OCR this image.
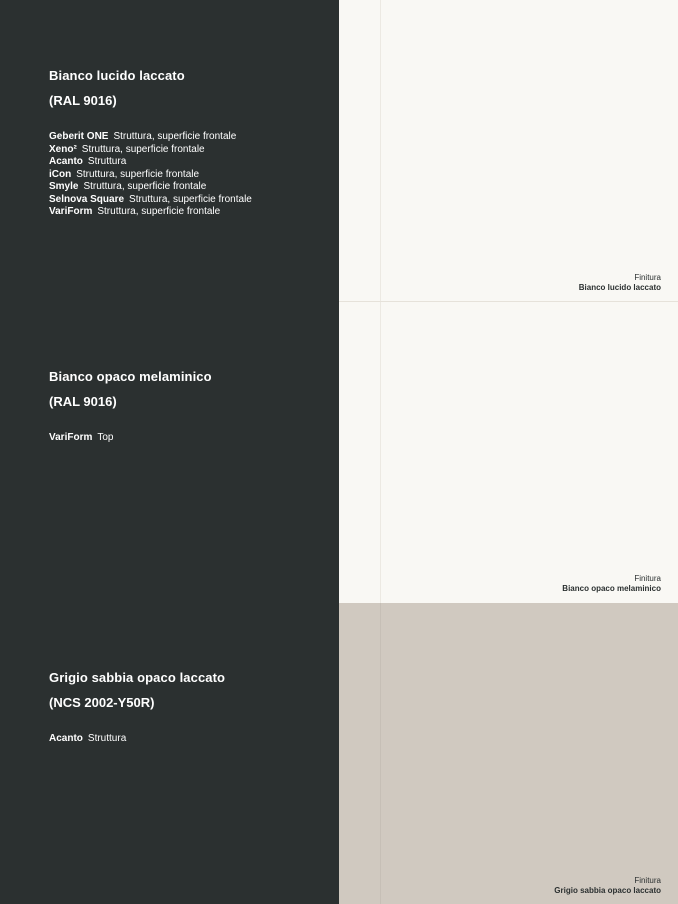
Bianco lucido laccato
(RAL 9016)
Geberit ONE Struttura, superficie frontale
Xeno² Struttura, superficie frontale
Acanto Struttura
iCon Struttura, superficie frontale
Smyle Struttura, superficie frontale
Selnova Square Struttura, superficie frontale
VariForm Struttura, superficie frontale
Bianco opaco melaminico
(RAL 9016)
VariForm Top
Grigio sabbia opaco laccato
(NCS 2002-Y50R)
Acanto Struttura
Finitura
Bianco lucido laccato
Finitura
Bianco opaco melaminico
Finitura
Grigio sabbia opaco laccato
